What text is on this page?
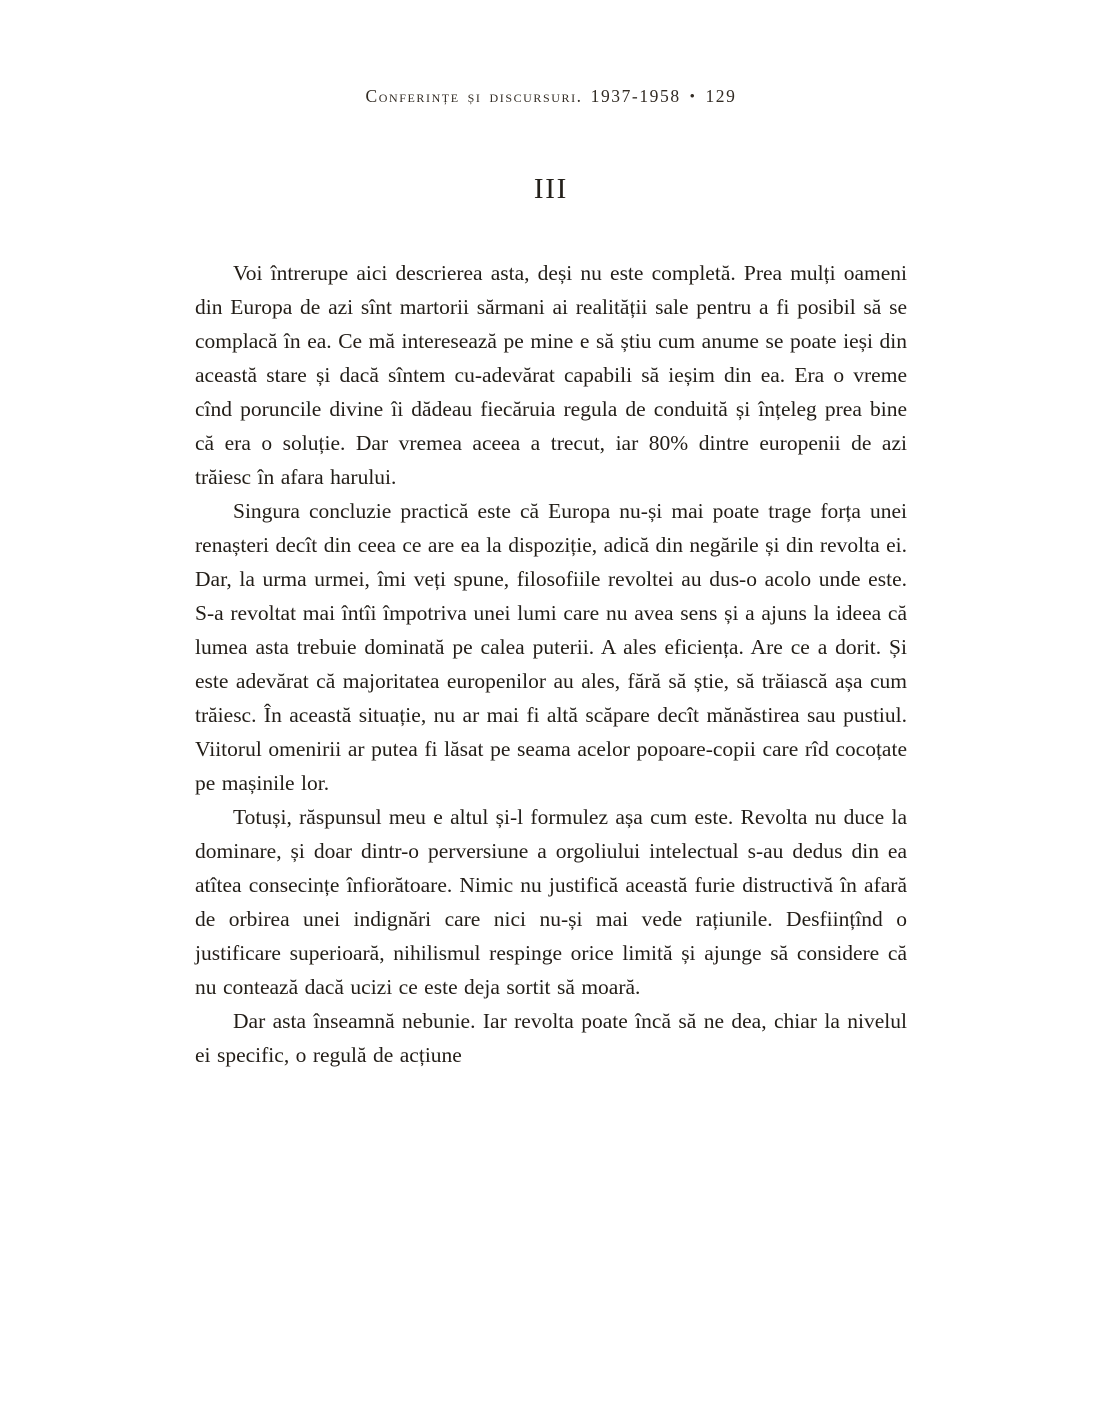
Conferințe și discursuri. 1937-1958 • 129
III

Voi întrerupe aici descrierea asta, deși nu este completă. Prea mulți oameni din Europa de azi sînt martorii sărmani ai realității sale pentru a fi posibil să se complacă în ea. Ce mă interesează pe mine e să știu cum anume se poate ieși din această stare și dacă sîntem cu-adevărat capabili să ieșim din ea. Era o vreme cînd poruncile divine îi dădeau fiecăruia regula de conduită și înțeleg prea bine că era o soluție. Dar vremea aceea a trecut, iar 80% dintre europenii de azi trăiesc în afara harului.

Singura concluzie practică este că Europa nu-și mai poate trage forța unei renașteri decît din ceea ce are ea la dispoziție, adică din negările și din revolta ei. Dar, la urma urmei, îmi veți spune, filosofiile revoltei au dus-o acolo unde este. S-a revoltat mai întîi împotriva unei lumi care nu avea sens și a ajuns la ideea că lumea asta trebuie dominată pe calea puterii. A ales eficiența. Are ce a dorit. Și este adevărat că majoritatea europenilor au ales, fără să știe, să trăiască așa cum trăiesc. În această situație, nu ar mai fi altă scăpare decît mănăstirea sau pustiul. Viitorul omenirii ar putea fi lăsat pe seama acelor popoare-copii care rîd cocoțate pe mașinile lor.

Totuși, răspunsul meu e altul și-l formulez așa cum este. Revolta nu duce la dominare, și doar dintr-o perversiune a orgoliului intelectual s-au dedus din ea atîtea consecințe înfiorătoare. Nimic nu justifică această furie distructivă în afară de orbirea unei indignări care nici nu-și mai vede rațiunile. Desființînd o justificare superioară, nihilismul respinge orice limită și ajunge să considere că nu contează dacă ucizi ce este deja sortit să moară.

Dar asta înseamnă nebunie. Iar revolta poate încă să ne dea, chiar la nivelul ei specific, o regulă de acțiune
